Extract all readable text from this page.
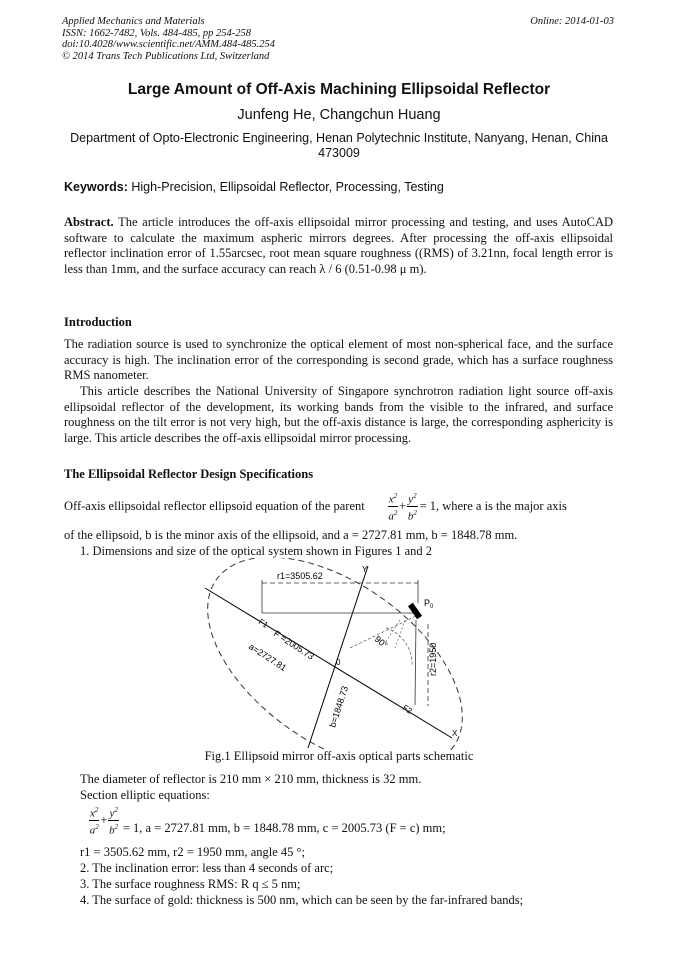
Applied Mechanics and Materials
ISSN: 1662-7482, Vols. 484-485, pp 254-258
doi:10.4028/www.scientific.net/AMM.484-485.254
© 2014 Trans Tech Publications Ltd, Switzerland
Online: 2014-01-03
Large Amount of Off-Axis Machining Ellipsoidal Reflector
Junfeng He, Changchun Huang
Department of Opto-Electronic Engineering, Henan Polytechnic Institute, Nanyang, Henan, China 473009
Keywords: High-Precision, Ellipsoidal Reflector, Processing, Testing
Abstract. The article introduces the off-axis ellipsoidal mirror processing and testing, and uses AutoCAD software to calculate the maximum aspheric mirrors degrees. After processing the off-axis ellipsoidal reflector inclination error of 1.55arcsec, root mean square roughness ((RMS) of 3.21nn, focal length error is less than 1mm, and the surface accuracy can reach λ / 6 (0.51-0.98 μ m).
Introduction
The radiation source is used to synchronize the optical element of most non-spherical face, and the surface accuracy is high. The inclination error of the corresponding is second grade, which has a surface roughness RMS nanometer.
This article describes the National University of Singapore synchrotron radiation light source off-axis ellipsoidal reflector of the development, its working bands from the visible to the infrared, and surface roughness on the tilt error is not very high, but the off-axis distance is large, the corresponding asphericity is large. This article describes the off-axis ellipsoidal mirror processing.
The Ellipsoidal Reflector Design Specifications
Off-axis ellipsoidal reflector ellipsoid equation of the parent $\frac{x^2}{a^2} + \frac{y^2}{b^2} = 1$, where a is the major axis
of the ellipsoid, b is the minor axis of the ellipsoid, and a = 2727.81 mm, b = 1848.78 mm.
1. Dimensions and size of the optical system shown in Figures 1 and 2
r1=3505.62
$P_0$
Y
X
F1
F2
0
F =2005.73
a=2727.81
b=1848.73
90°
r2=1950
Fig.1 Ellipsoid mirror off-axis optical parts schematic
The diameter of reflector is 210 mm × 210 mm, thickness is 32 mm.
Section elliptic equations:
$\frac{x^2}{a^2} + \frac{y^2}{b^2} = 1$, a = 2727.81 mm, b = 1848.78 mm, c = 2005.73 (F = c) mm;
r1 = 3505.62 mm, r2 = 1950 mm, angle 45 °;
2. The inclination error: less than 4 seconds of arc;
3. The surface roughness RMS: R q ≤ 5 nm;
4. The surface of gold: thickness is 500 nm, which can be seen by the far-infrared bands;
